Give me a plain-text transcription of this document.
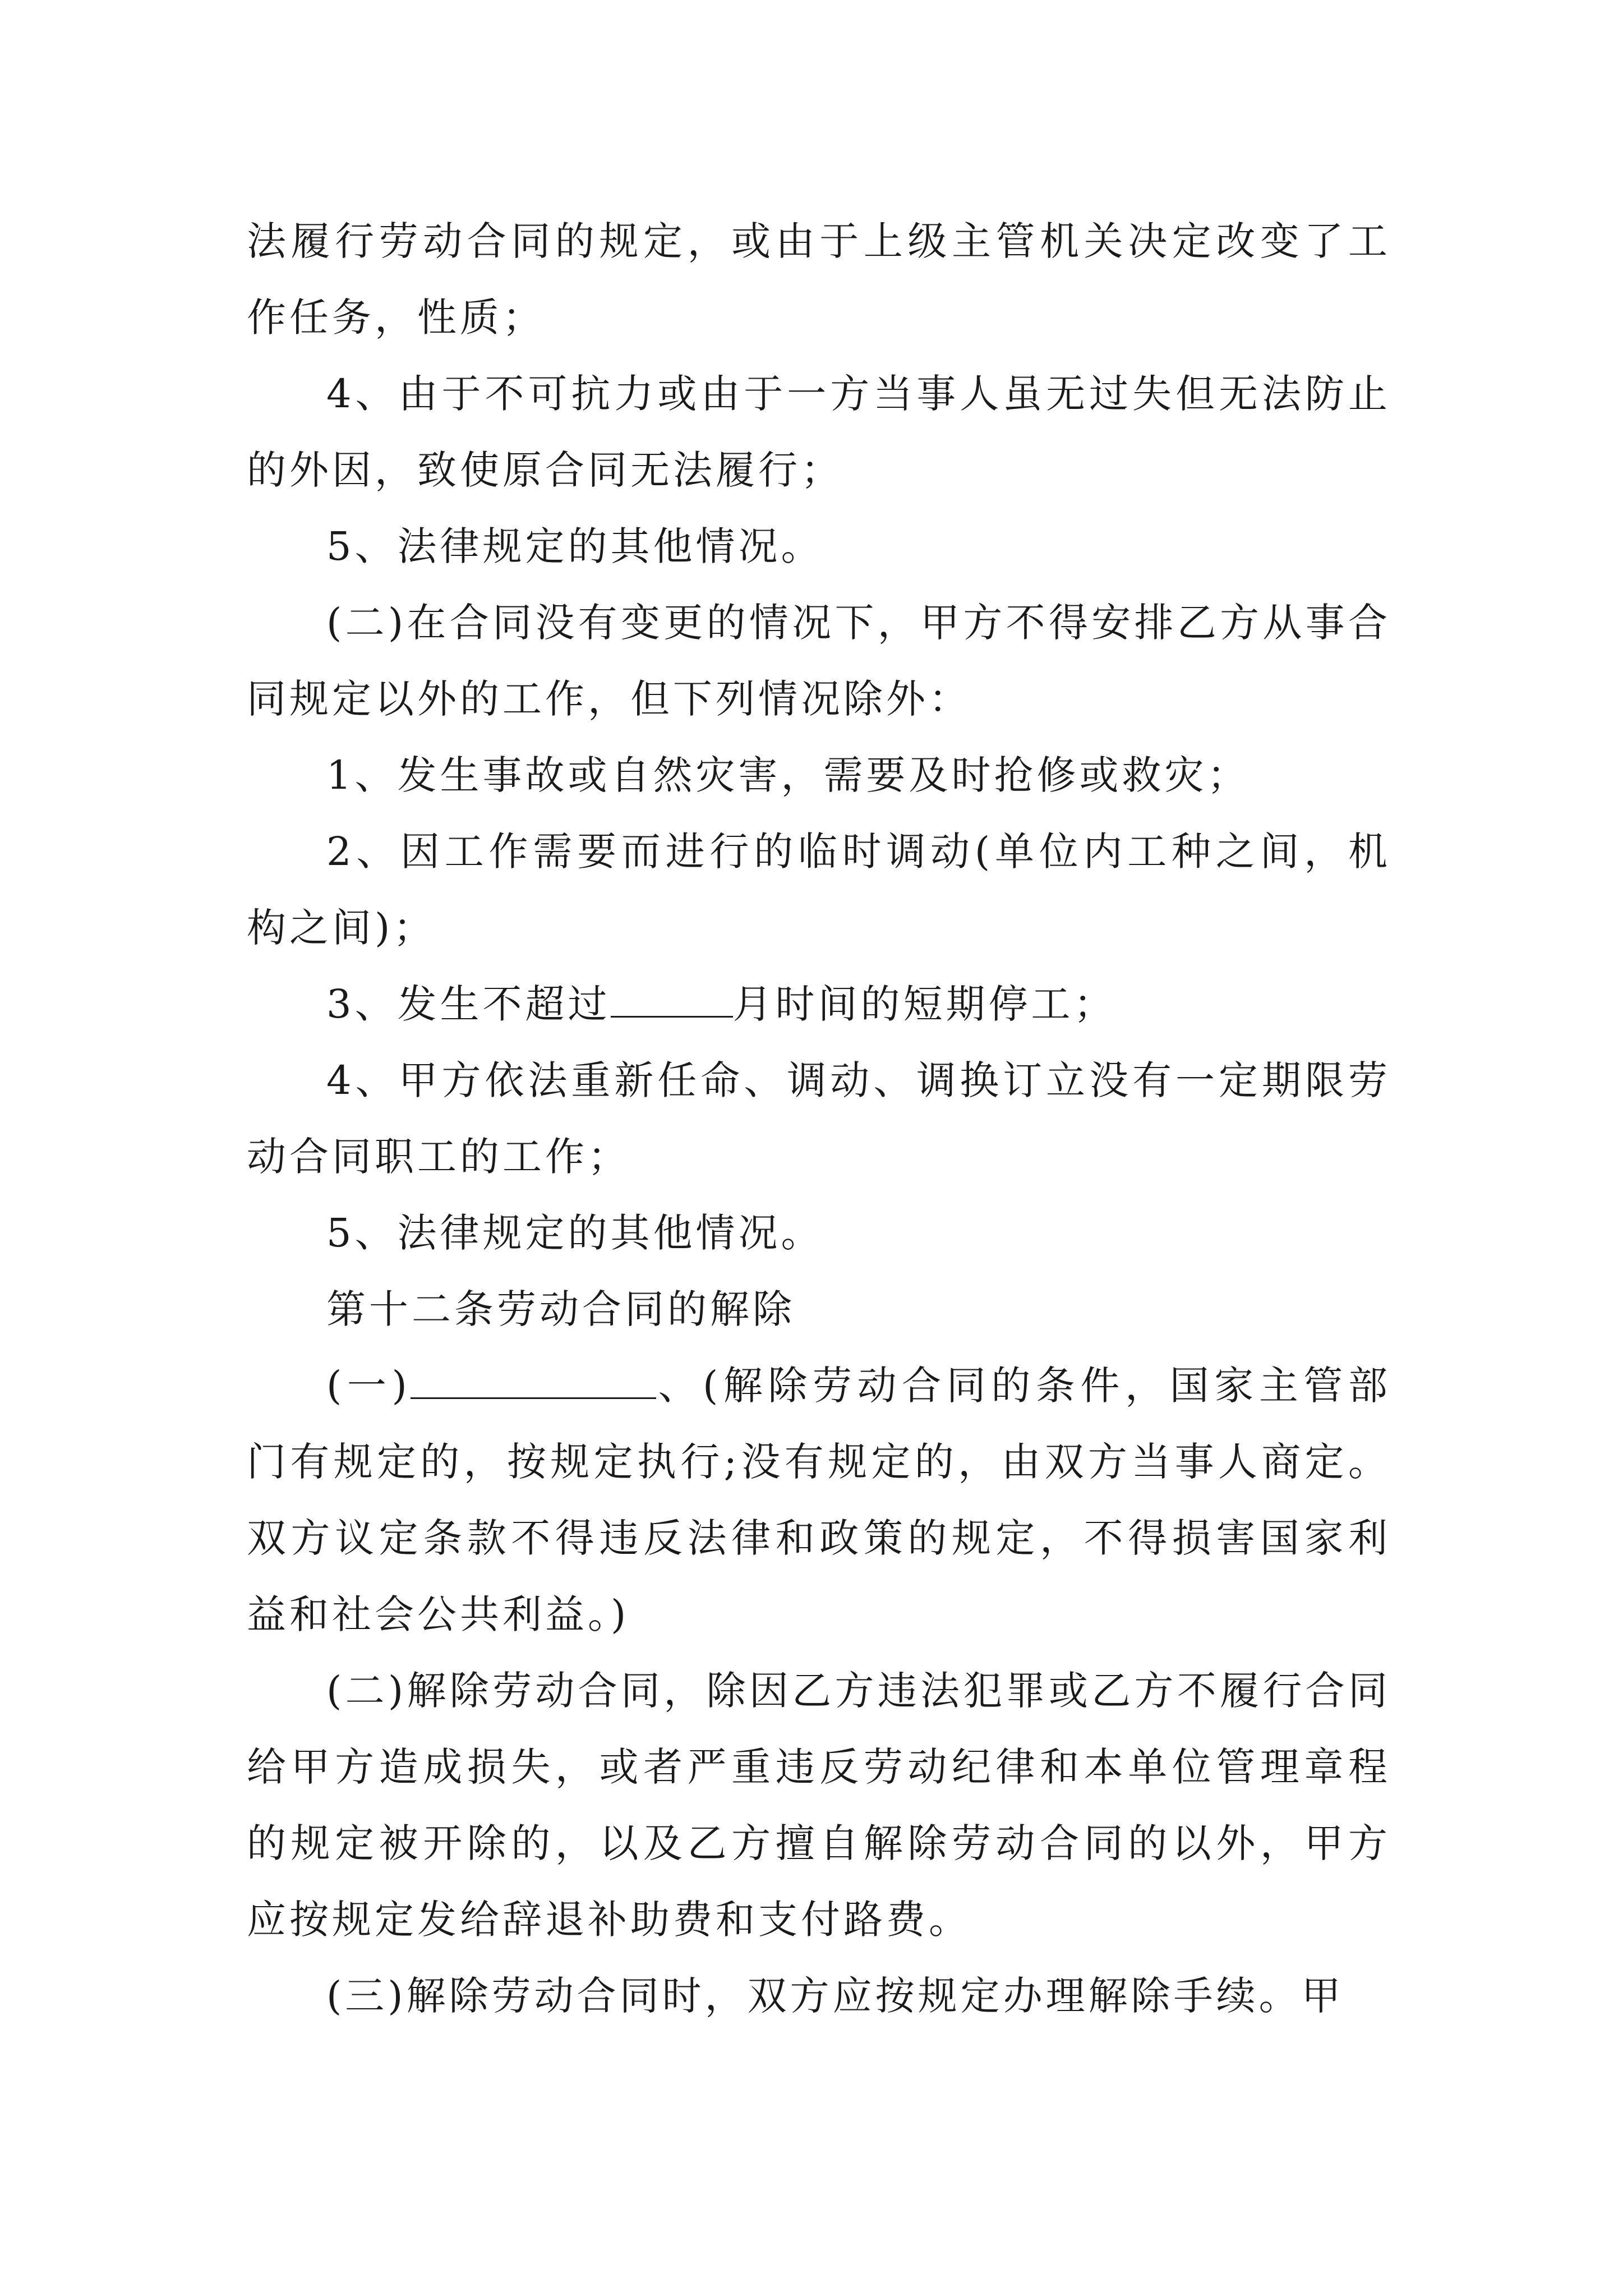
法履行劳动合同的规定，或由于上级主管机关决定改变了工作任务，性质；

4、由于不可抗力或由于一方当事人虽无过失但无法防止的外因，致使原合同无法履行；

5、法律规定的其他情况。

(二)在合同没有变更的情况下，甲方不得安排乙方从事合同规定以外的工作，但下列情况除外：

1、发生事故或自然灾害，需要及时抢修或救灾；

2、因工作需要而进行的临时调动(单位内工种之间，机构之间)；

3、发生不超过	月时间的短期停工；

4、甲方依法重新任命、调动、调换订立没有一定期限劳动合同职工的工作；

5、法律规定的其他情况。

第十二条劳动合同的解除

(一)	、(解除劳动合同的条件，国家主管部门有规定的，按规定执行;没有规定的，由双方当事人商定。双方议定条款不得违反法律和政策的规定，不得损害国家利益和社会公共利益。)

(二)解除劳动合同，除因乙方违法犯罪或乙方不履行合同给甲方造成损失，或者严重违反劳动纪律和本单位管理章程的规定被开除的，以及乙方擅自解除劳动合同的以外，甲方应按规定发给辞退补助费和支付路费。

(三)解除劳动合同时，双方应按规定办理解除手续。甲
